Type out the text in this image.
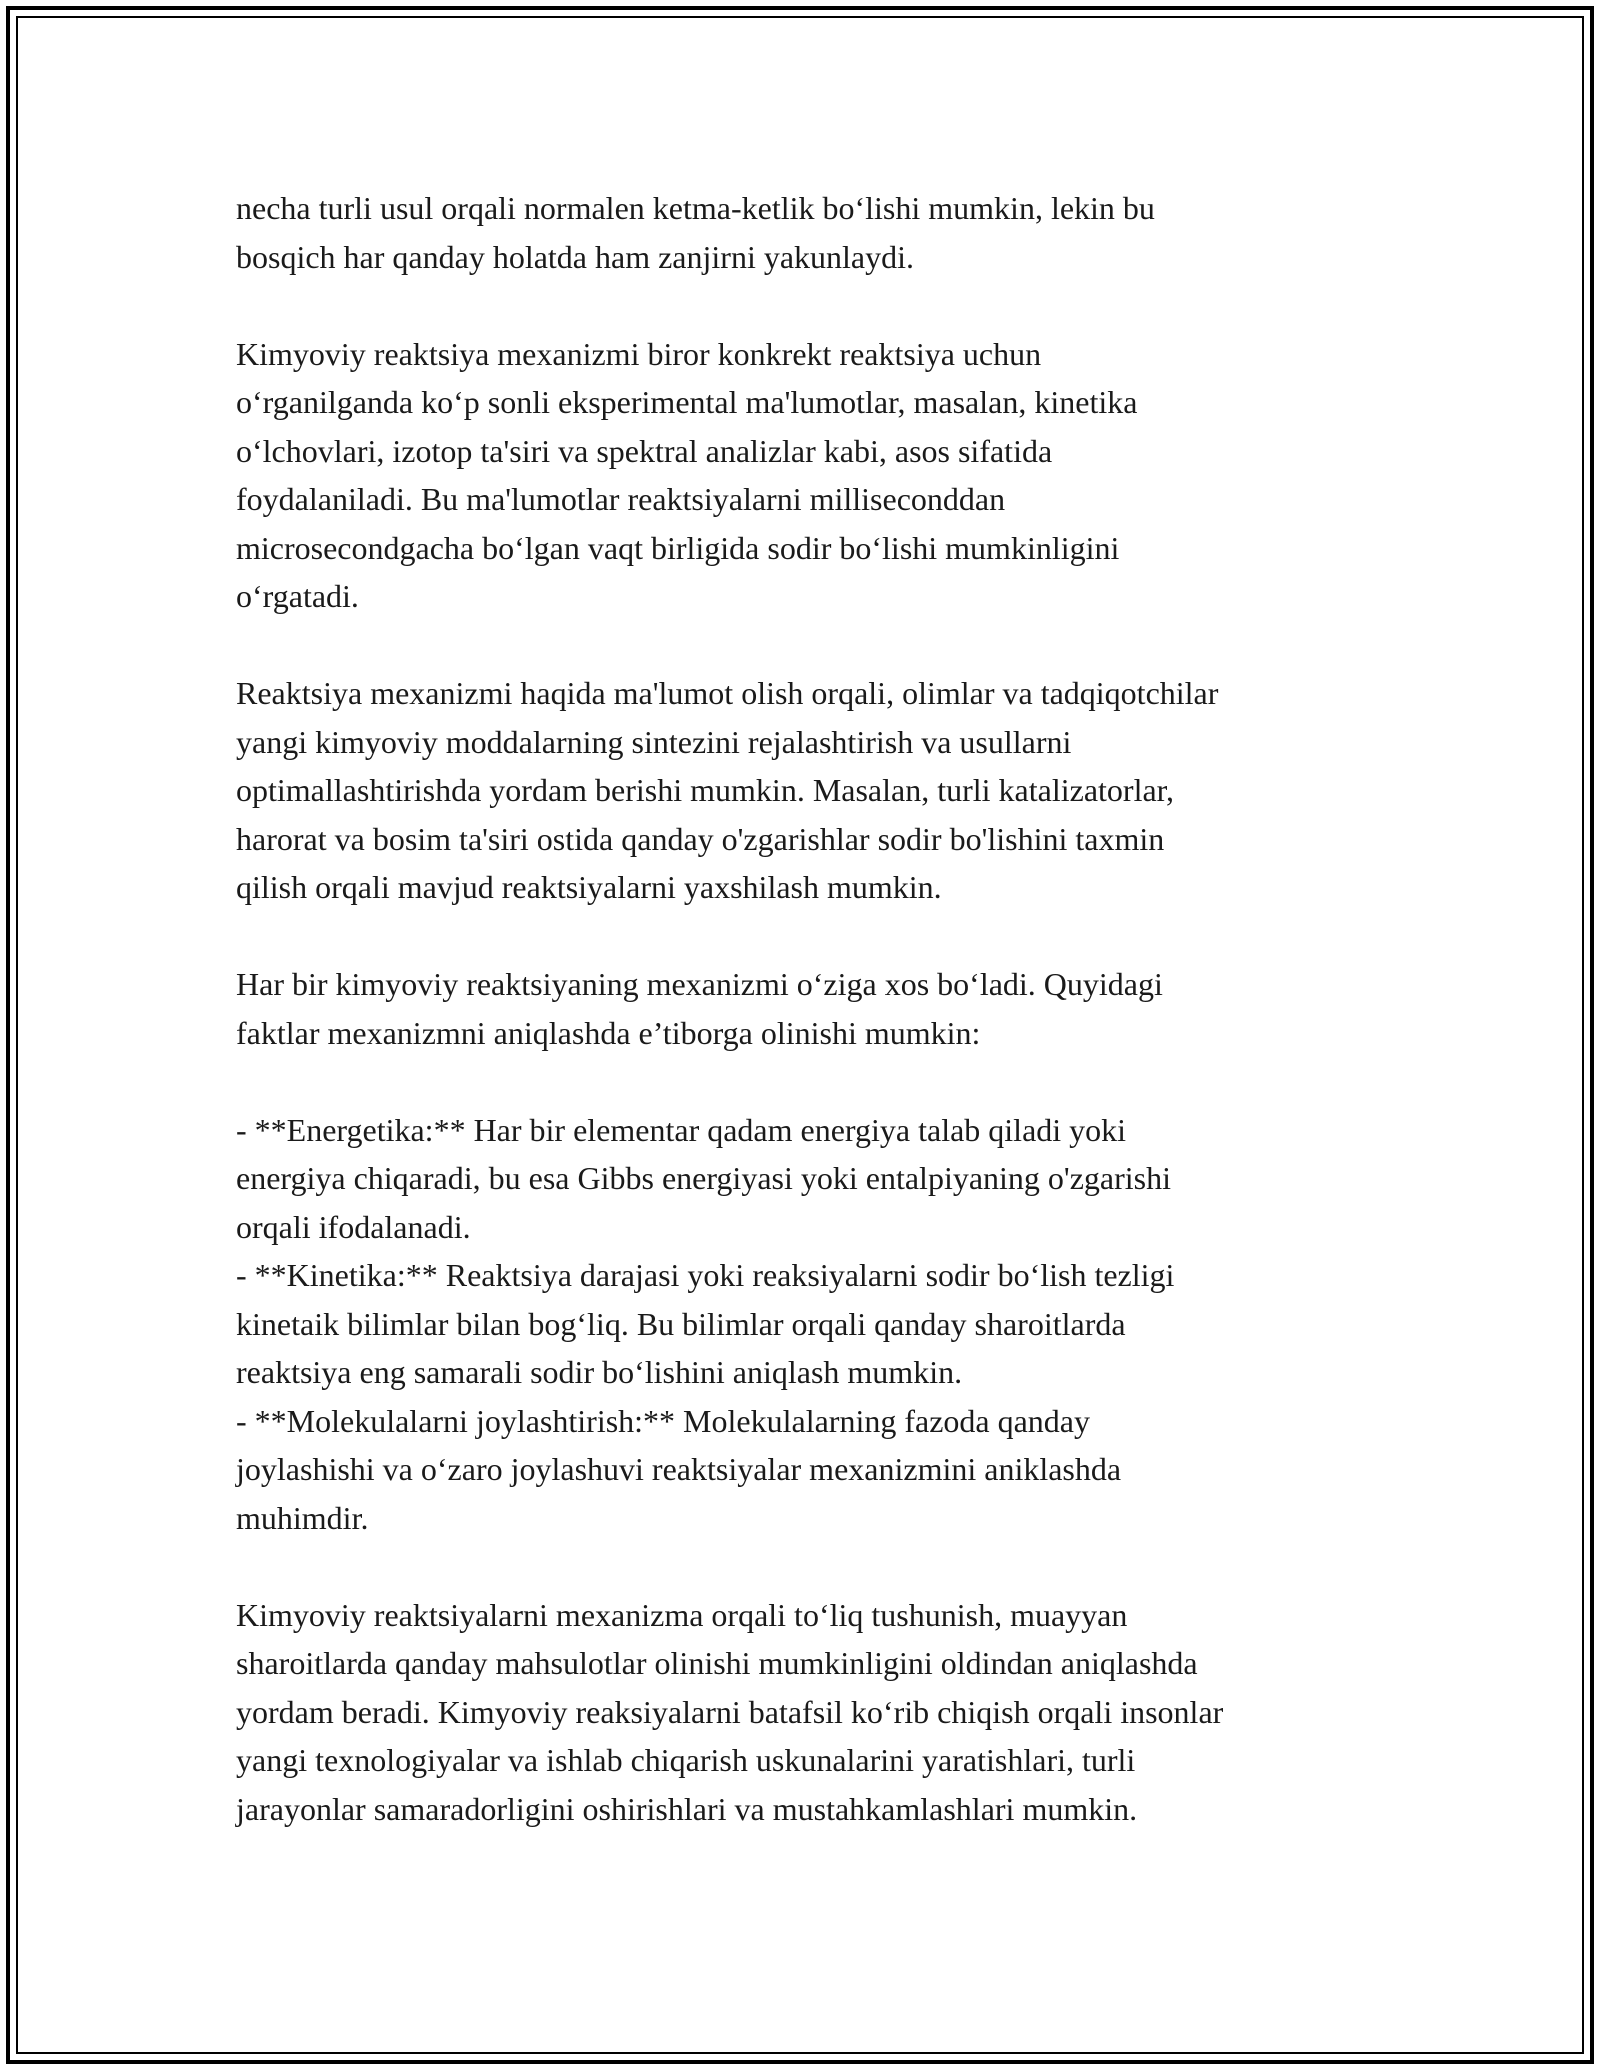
necha turli usul orqali normalen ketma-ketlik bo‘lishi mumkin, lekin bu
bosqich har qanday holatda ham zanjirni yakunlaydi.
Kimyoviy reaktsiya mexanizmi biror konkrekt reaktsiya uchun
o‘rganilganda ko‘p sonli eksperimental ma'lumotlar, masalan, kinetika
o‘lchovlari, izotop ta'siri va spektral analizlar kabi, asos sifatida
foydalaniladi. Bu ma'lumotlar reaktsiyalarni milliseconddan
microsecondgacha bo‘lgan vaqt birligida sodir bo‘lishi mumkinligini
o‘rgatadi.
Reaktsiya mexanizmi haqida ma'lumot olish orqali, olimlar va tadqiqotchilar
yangi kimyoviy moddalarning sintezini rejalashtirish va usullarni
optimallashtirishda yordam berishi mumkin. Masalan, turli katalizatorlar,
harorat va bosim ta'siri ostida qanday o'zgarishlar sodir bo'lishini taxmin
qilish orqali mavjud reaktsiyalarni yaxshilash mumkin.
Har bir kimyoviy reaktsiyaning mexanizmi o‘ziga xos bo‘ladi. Quyidagi
faktlar mexanizmni aniqlashda e’tiborga olinishi mumkin:
- **Energetika:** Har bir elementar qadam energiya talab qiladi yoki
energiya chiqaradi, bu esa Gibbs energiyasi yoki entalpiyaning o'zgarishi
orqali ifodalanadi.
- **Kinetika:** Reaktsiya darajasi yoki reaksiyalarni sodir bo‘lish tezligi
kinetaik bilimlar bilan bog‘liq. Bu bilimlar orqali qanday sharoitlarda
reaktsiya eng samarali sodir bo‘lishini aniqlash mumkin.
- **Molekulalarni joylashtirish:** Molekulalarning fazoda qanday
joylashishi va o‘zaro joylashuvi reaktsiyalar mexanizmini aniklashda
muhimdir.
Kimyoviy reaktsiyalarni mexanizma orqali to‘liq tushunish, muayyan
sharoitlarda qanday mahsulotlar olinishi mumkinligini oldindan aniqlashda
yordam beradi. Kimyoviy reaksiyalarni batafsil ko‘rib chiqish orqali insonlar
yangi texnologiyalar va ishlab chiqarish uskunalarini yaratishlari, turli
jarayonlar samaradorligini oshirishlari va mustahkamlashlari mumkin.
